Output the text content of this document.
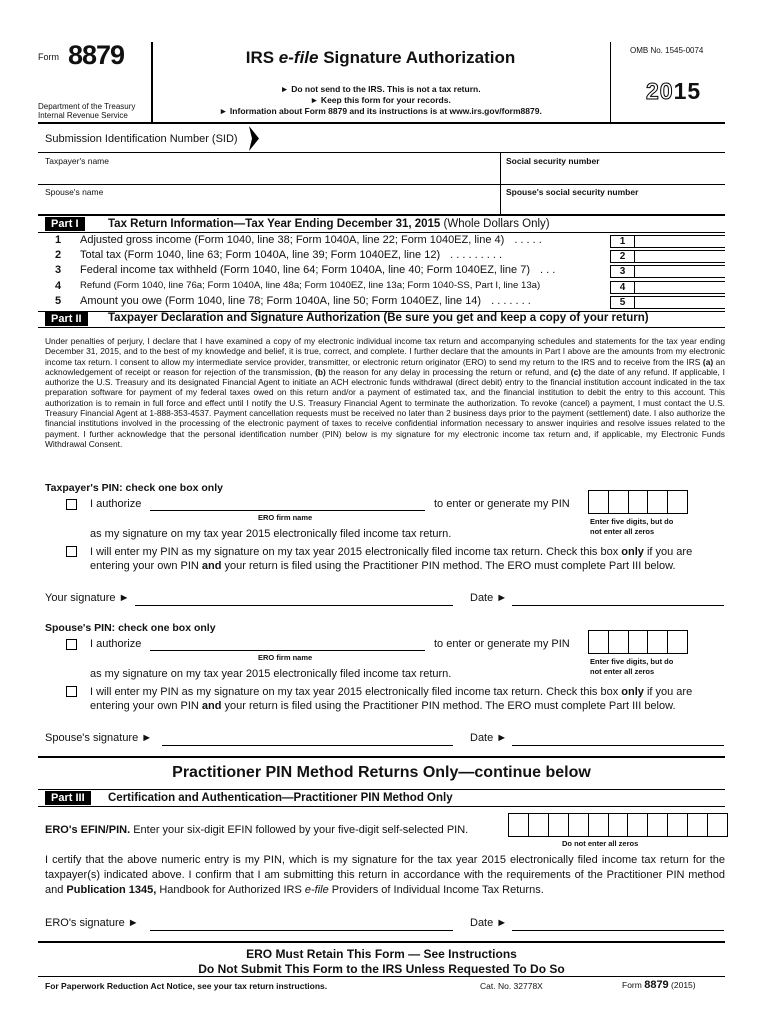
Form 8879
Department of the Treasury
Internal Revenue Service
IRS e-file Signature Authorization
► Do not send to the IRS. This is not a tax return.
► Keep this form for your records.
► Information about Form 8879 and its instructions is at www.irs.gov/form8879.
OMB No. 1545-0074
2015
Submission Identification Number (SID)
Taxpayer's name	Social security number
Spouse's name	Spouse's social security number
Part I	Tax Return Information—Tax Year Ending December 31, 2015 (Whole Dollars Only)
1 Adjusted gross income (Form 1040, line 38; Form 1040A, line 22; Form 1040EZ, line 4) . . . . .	1
2 Total tax (Form 1040, line 63; Form 1040A, line 39; Form 1040EZ, line 12) . . . . . . . . .	2
3 Federal income tax withheld (Form 1040, line 64; Form 1040A, line 40; Form 1040EZ, line 7) . . .	3
4 Refund (Form 1040, line 76a; Form 1040A, line 48a; Form 1040EZ, line 13a; Form 1040-SS, Part I, line 13a)	4
5 Amount you owe (Form 1040, line 78; Form 1040A, line 50; Form 1040EZ, line 14) . . . . . . .	5
Part II	Taxpayer Declaration and Signature Authorization (Be sure you get and keep a copy of your return)
Under penalties of perjury, I declare that I have examined a copy of my electronic individual income tax return and accompanying schedules and statements for the tax year ending December 31, 2015, and to the best of my knowledge and belief, it is true, correct, and complete. I further declare that the amounts in Part I above are the amounts from my electronic income tax return. I consent to allow my intermediate service provider, transmitter, or electronic return originator (ERO) to send my return to the IRS and to receive from the IRS (a) an acknowledgement of receipt or reason for rejection of the transmission, (b) the reason for any delay in processing the return or refund, and (c) the date of any refund. If applicable, I authorize the U.S. Treasury and its designated Financial Agent to initiate an ACH electronic funds withdrawal (direct debit) entry to the financial institution account indicated in the tax preparation software for payment of my federal taxes owed on this return and/or a payment of estimated tax, and the financial institution to debit the entry to this account. This authorization is to remain in full force and effect until I notify the U.S. Treasury Financial Agent to terminate the authorization. To revoke (cancel) a payment, I must contact the U.S. Treasury Financial Agent at 1-888-353-4537. Payment cancellation requests must be received no later than 2 business days prior to the payment (settlement) date. I also authorize the financial institutions involved in the processing of the electronic payment of taxes to receive confidential information necessary to answer inquiries and resolve issues related to the payment. I further acknowledge that the personal identification number (PIN) below is my signature for my electronic income tax return and, if applicable, my Electronic Funds Withdrawal Consent.
Taxpayer's PIN: check one box only
I authorize
ERO firm name
to enter or generate my PIN
as my signature on my tax year 2015 electronically filed income tax return.
Enter five digits, but do
not enter all zeros
I will enter my PIN as my signature on my tax year 2015 electronically filed income tax return. Check this box only if you are
entering your own PIN and your return is filed using the Practitioner PIN method. The ERO must complete Part III below.
Your signature ►	Date ►
Spouse's PIN: check one box only
I authorize
ERO firm name
to enter or generate my PIN
as my signature on my tax year 2015 electronically filed income tax return.
Enter five digits, but do
not enter all zeros
I will enter my PIN as my signature on my tax year 2015 electronically filed income tax return. Check this box only if you are
entering your own PIN and your return is filed using the Practitioner PIN method. The ERO must complete Part III below.
Spouse's signature ►	Date ►
Practitioner PIN Method Returns Only—continue below
Part III	Certification and Authentication—Practitioner PIN Method Only
ERO's EFIN/PIN. Enter your six-digit EFIN followed by your five-digit self-selected PIN.
Do not enter all zeros
I certify that the above numeric entry is my PIN, which is my signature for the tax year 2015 electronically filed income tax return for the taxpayer(s) indicated above. I confirm that I am submitting this return in accordance with the requirements of the Practitioner PIN method and Publication 1345, Handbook for Authorized IRS e-file Providers of Individual Income Tax Returns.
ERO's signature ►	Date ►
ERO Must Retain This Form — See Instructions
Do Not Submit This Form to the IRS Unless Requested To Do So
For Paperwork Reduction Act Notice, see your tax return instructions.	Cat. No. 32778X	Form 8879 (2015)
